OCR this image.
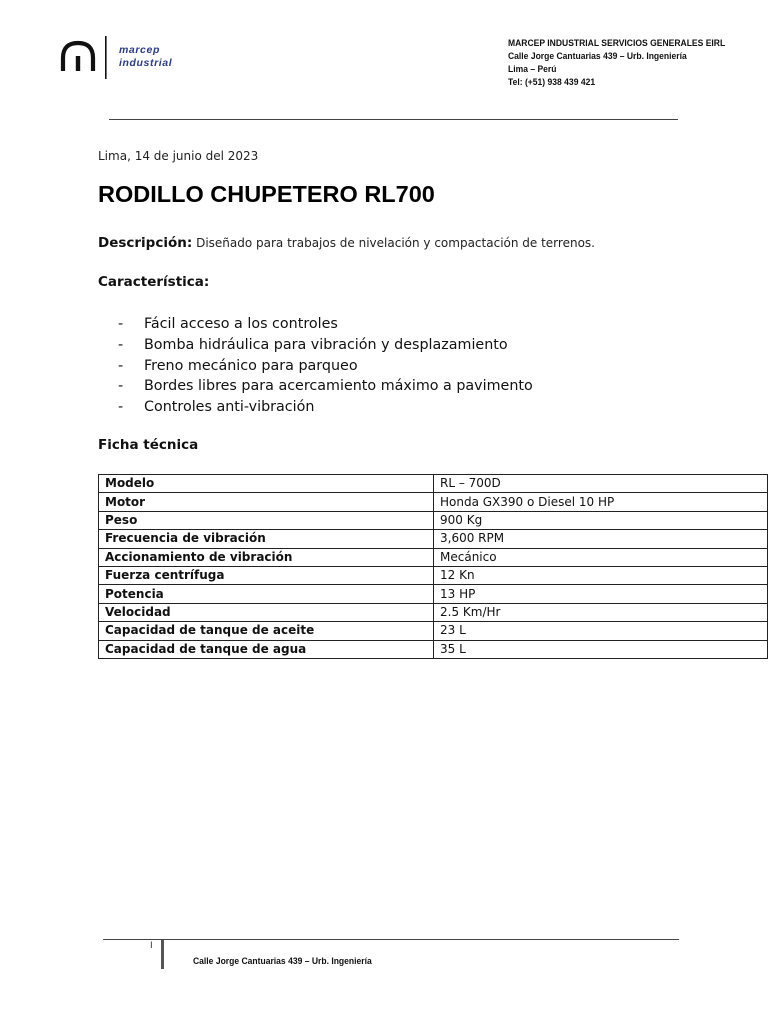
marcep
industrial
MARCEP INDUSTRIAL SERVICIOS GENERALES EIRL
Calle Jorge Cantuarias 439 – Urb. Ingeniería
Lima – Perú
Tel: (+51) 938 439 421
Lima, 14 de junio del 2023
RODILLO CHUPETERO RL700
Descripción: Diseñado para trabajos de nivelación y compactación de terrenos.
Característica:
- Fácil acceso a los controles
- Bomba hidráulica para vibración y desplazamiento
- Freno mecánico para parqueo
- Bordes libres para acercamiento máximo a pavimento
- Controles anti-vibración
Ficha técnica
Modelo	RL – 700D
Motor	Honda GX390 o Diesel 10 HP
Peso	900 Kg
Frecuencia de vibración	3,600 RPM
Accionamiento de vibración	Mecánico
Fuerza centrífuga	12 Kn
Potencia	13 HP
Velocidad	2.5 Km/Hr
Capacidad de tanque de aceite	23 L
Capacidad de tanque de agua	35 L
I
Calle Jorge Cantuarias 439 – Urb. Ingeniería
